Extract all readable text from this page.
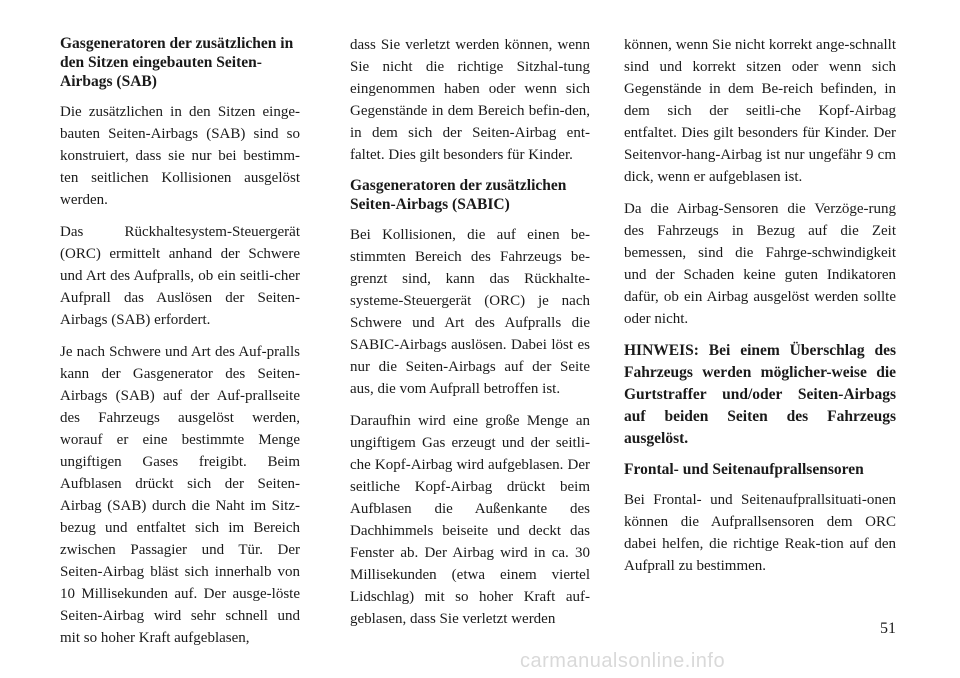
Gasgeneratoren der zusätzlichen in den Sitzen eingebauten Seiten-Airbags (SAB)

Die zusätzlichen in den Sitzen einge-bauten Seiten-Airbags (SAB) sind so konstruiert, dass sie nur bei bestimm-ten seitlichen Kollisionen ausgelöst werden.

Das Rückhaltesystem-Steuergerät (ORC) ermittelt anhand der Schwere und Art des Aufpralls, ob ein seitli-cher Aufprall das Auslösen der Seiten-Airbags (SAB) erfordert.

Je nach Schwere und Art des Auf-pralls kann der Gasgenerator des Seiten-Airbags (SAB) auf der Auf-prallseite des Fahrzeugs ausgelöst werden, worauf er eine bestimmte Menge ungiftigen Gases freigibt. Beim Aufblasen drückt sich der Seiten-Airbag (SAB) durch die Naht im Sitz-bezug und entfaltet sich im Bereich zwischen Passagier und Tür. Der Seiten-Airbag bläst sich innerhalb von 10 Millisekunden auf. Der ausge-löste Seiten-Airbag wird sehr schnell und mit so hoher Kraft aufgeblasen,

dass Sie verletzt werden können, wenn Sie nicht die richtige Sitzhal-tung eingenommen haben oder wenn sich Gegenstände in dem Bereich befin-den, in dem sich der Seiten-Airbag ent-faltet. Dies gilt besonders für Kinder.

Gasgeneratoren der zusätzlichen Seiten-Airbags (SABIC)

Bei Kollisionen, die auf einen be-stimmten Bereich des Fahrzeugs be-grenzt sind, kann das Rückhalte-systeme-Steuergerät (ORC) je nach Schwere und Art des Aufpralls die SABIC-Airbags auslösen. Dabei löst es nur die Seiten-Airbags auf der Seite aus, die vom Aufprall betroffen ist.

Daraufhin wird eine große Menge an ungiftigem Gas erzeugt und der seitli-che Kopf-Airbag wird aufgeblasen. Der seitliche Kopf-Airbag drückt beim Aufblasen die Außenkante des Dachhimmels beiseite und deckt das Fenster ab. Der Airbag wird in ca. 30 Millisekunden (etwa einem viertel Lidschlag) mit so hoher Kraft auf-geblasen, dass Sie verletzt werden

können, wenn Sie nicht korrekt ange-schnallt sind und korrekt sitzen oder wenn sich Gegenstände in dem Be-reich befinden, in dem sich der seitli-che Kopf-Airbag entfaltet. Dies gilt besonders für Kinder. Der Seitenvor-hang-Airbag ist nur ungefähr 9 cm dick, wenn er aufgeblasen ist.

Da die Airbag-Sensoren die Verzöge-rung des Fahrzeugs in Bezug auf die Zeit bemessen, sind die Fahrge-schwindigkeit und der Schaden keine guten Indikatoren dafür, ob ein Airbag ausgelöst werden sollte oder nicht.

HINWEIS: Bei einem Überschlag des Fahrzeugs werden möglicher-weise die Gurtstraffer und/oder Seiten-Airbags auf beiden Seiten des Fahrzeugs ausgelöst.

Frontal- und Seitenaufprallsensoren

Bei Frontal- und Seitenaufprallsituati-onen können die Aufprallsensoren dem ORC dabei helfen, die richtige Reak-tion auf den Aufprall zu bestimmen.

51
carmanualsonline.info
